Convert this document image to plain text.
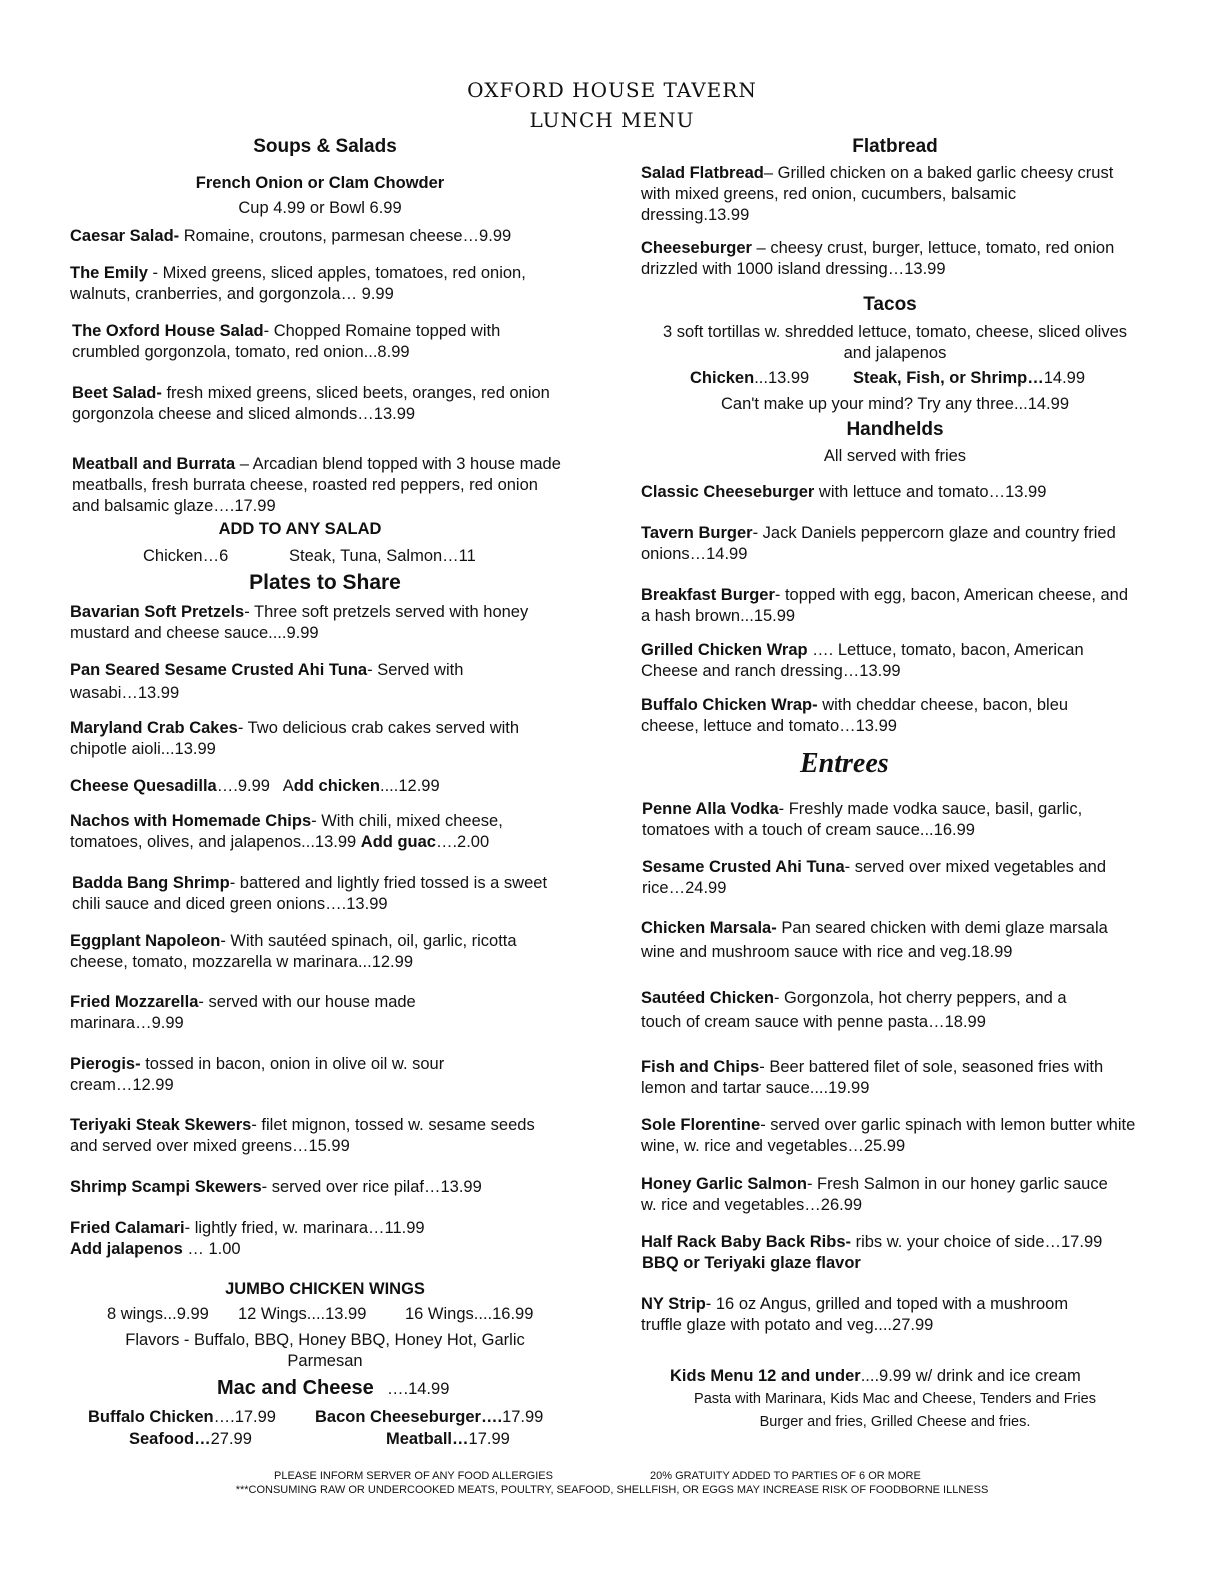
OXFORD HOUSE TAVERN
LUNCH MENU
Soups & Salads
French Onion or Clam Chowder
Cup 4.99 or Bowl 6.99
Caesar Salad- Romaine, croutons, parmesan cheese…9.99
The Emily - Mixed greens, sliced apples, tomatoes, red onion, walnuts, cranberries, and gorgonzola… 9.99
The Oxford House Salad- Chopped Romaine topped with crumbled gorgonzola, tomato, red onion...8.99
Beet Salad- fresh mixed greens, sliced beets, oranges, red onion gorgonzola cheese and sliced almonds…13.99
Meatball and Burrata – Arcadian blend topped with 3 house made meatballs, fresh burrata cheese, roasted red peppers, red onion and balsamic glaze….17.99
ADD TO ANY SALAD
Chicken…6	Steak, Tuna, Salmon…11
Plates to Share
Bavarian Soft Pretzels- Three soft pretzels served with honey mustard and cheese sauce....9.99
Pan Seared Sesame Crusted Ahi Tuna- Served with wasabi…13.99
Maryland Crab Cakes- Two delicious crab cakes served with chipotle aioli...13.99
Cheese Quesadilla….9.99   Add chicken....12.99
Nachos with Homemade Chips- With chili, mixed cheese, tomatoes, olives, and jalapenos...13.99 Add guac….2.00
Badda Bang Shrimp- battered and lightly fried tossed is a sweet chili sauce and diced green onions….13.99
Eggplant Napoleon- With sautéed spinach, oil, garlic, ricotta cheese, tomato, mozzarella w marinara...12.99
Fried Mozzarella- served with our house made marinara…9.99
Pierogis- tossed in bacon, onion in olive oil w. sour cream…12.99
Teriyaki Steak Skewers- filet mignon, tossed w. sesame seeds and served over mixed greens…15.99
Shrimp Scampi Skewers- served over rice pilaf…13.99
Fried Calamari- lightly fried, w. marinara…11.99
Add jalapenos … 1.00
JUMBO CHICKEN WINGS
8 wings...9.99 12 Wings....13.99 16 Wings....16.99
Flavors - Buffalo, BBQ, Honey BBQ, Honey Hot, Garlic Parmesan
Mac and Cheese ….14.99
Buffalo Chicken….17.99 Bacon Cheeseburger….17.99
Seafood…27.99	Meatball…17.99
Flatbread
Salad Flatbread– Grilled chicken on a baked garlic cheesy crust with mixed greens, red onion, cucumbers, balsamic dressing.13.99
Cheeseburger – cheesy crust, burger, lettuce, tomato, red onion drizzled with 1000 island dressing…13.99
Tacos
3 soft tortillas w. shredded lettuce, tomato, cheese, sliced olives and jalapenos
Chicken...13.99	Steak, Fish, or Shrimp…14.99
Can't make up your mind? Try any three...14.99
Handhelds
All served with fries
Classic Cheeseburger with lettuce and tomato…13.99
Tavern Burger- Jack Daniels peppercorn glaze and country fried onions…14.99
Breakfast Burger- topped with egg, bacon, American cheese, and a hash brown...15.99
Grilled Chicken Wrap …. Lettuce, tomato, bacon, American Cheese and ranch dressing…13.99
Buffalo Chicken Wrap- with cheddar cheese, bacon, bleu cheese, lettuce and tomato…13.99
Entrees
Penne Alla Vodka- Freshly made vodka sauce, basil, garlic, tomatoes with a touch of cream sauce...16.99
Sesame Crusted Ahi Tuna- served over mixed vegetables and rice…24.99
Chicken Marsala- Pan seared chicken with demi glaze marsala wine and mushroom sauce with rice and veg.18.99
Sautéed Chicken- Gorgonzola, hot cherry peppers, and a touch of cream sauce with penne pasta…18.99
Fish and Chips- Beer battered filet of sole, seasoned fries with lemon and tartar sauce....19.99
Sole Florentine- served over garlic spinach with lemon butter white wine, w. rice and vegetables…25.99
Honey Garlic Salmon- Fresh Salmon in our honey garlic sauce w. rice and vegetables…26.99
Half Rack Baby Back Ribs- ribs w. your choice of side…17.99
BBQ or Teriyaki glaze flavor
NY Strip- 16 oz Angus, grilled and toped with a mushroom truffle glaze with potato and veg....27.99
Kids Menu 12 and under....9.99 w/ drink and ice cream
Pasta with Marinara, Kids Mac and Cheese, Tenders and Fries
Burger and fries, Grilled Cheese and fries.
PLEASE INFORM SERVER OF ANY FOOD ALLERGIES	20% GRATUITY ADDED TO PARTIES OF 6 OR MORE
***CONSUMING RAW OR UNDERCOOKED MEATS, POULTRY, SEAFOOD, SHELLFISH, OR EGGS MAY INCREASE RISK OF FOODBORNE ILLNESS
